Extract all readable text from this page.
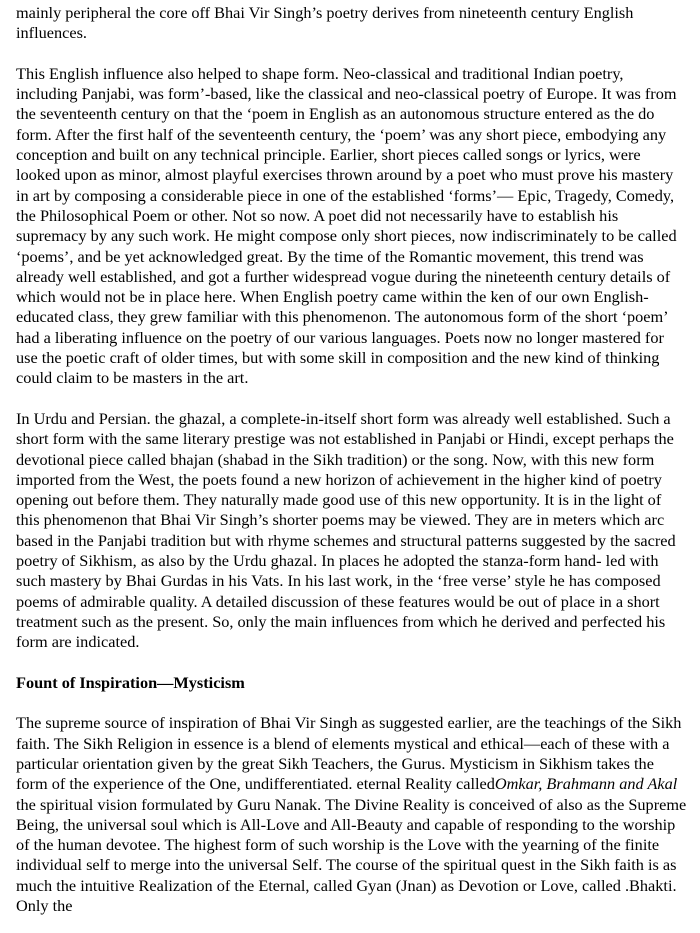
mainly peripheral the core off Bhai Vir Singh’s poetry derives from nineteenth century English influences.

This English influence also helped to shape form. Neo-classical and traditional Indian poetry, including Panjabi, was form’-based, like the classical and neo-classical poetry of Europe. It was from the seventeenth century on that the ‘poem in English as an autonomous structure entered as the do form. After the first half of the seventeenth century, the ‘poem’ was any short piece, embodying any conception and built on any technical principle. Earlier, short pieces called songs or lyrics, were looked upon as minor, almost playful exercises thrown around by a poet who must prove his mastery in art by composing a considerable piece in one of the established ‘forms’— Epic, Tragedy, Comedy, the Philosophical Poem or other. Not so now. A poet did not necessarily have to establish his supremacy by any such work. He might compose only short pieces, now indiscriminately to be called ‘poems’, and be yet acknowledged great. By the time of the Romantic movement, this trend was already well established, and got a further widespread vogue during the nineteenth century details of which would not be in place here. When English poetry came within the ken of our own English-educated class, they grew familiar with this phenomenon. The autonomous form of the short ‘poem’ had a liberating influence on the poetry of our various languages. Poets now no longer mastered for use the poetic craft of older times, but with some skill in composition and the new kind of thinking could claim to be masters in the art.

In Urdu and Persian. the ghazal, a complete-in-itself short form was already well established. Such a short form with the same literary prestige was not established in Panjabi or Hindi, except perhaps the devotional piece called bhajan (shabad in the Sikh tradition) or the song. Now, with this new form imported from the West, the poets found a new horizon of achievement in the higher kind of poetry opening out before them. They naturally made good use of this new opportunity. It is in the light of this phenomenon that Bhai Vir Singh’s shorter poems may be viewed. They are in meters which arc based in the Panjabi tradition but with rhyme schemes and structural patterns suggested by the sacred poetry of Sikhism, as also by the Urdu ghazal. In places he adopted the stanza-form hand- led with such mastery by Bhai Gurdas in his Vats. In his last work, in the ‘free verse’ style he has composed poems of admirable quality. A detailed discussion of these features would be out of place in a short treatment such as the present. So, only the main influences from which he derived and perfected his form are indicated.

Fount of Inspiration—Mysticism

The supreme source of inspiration of Bhai Vir Singh as suggested earlier, are the teachings of the Sikh faith. The Sikh Religion in essence is a blend of elements mystical and ethical—each of these with a particular orientation given by the great Sikh Teachers, the Gurus. Mysticism in Sikhism takes the form of the experience of the One, undifferentiated. eternal Reality calledOmkar, Brahmann and Akal the spiritual vision formulated by Guru Nanak. The Divine Reality is conceived of also as the Supreme Being, the universal soul which is All-Love and All-Beauty and capable of responding to the worship of the human devotee. The highest form of such worship is the Love with the yearning of the finite individual self to merge into the universal Self. The course of the spiritual quest in the Sikh faith is as much the intuitive Realization of the Eternal, called Gyan (Jnan) as Devotion or Love, called .Bhakti. Only the
